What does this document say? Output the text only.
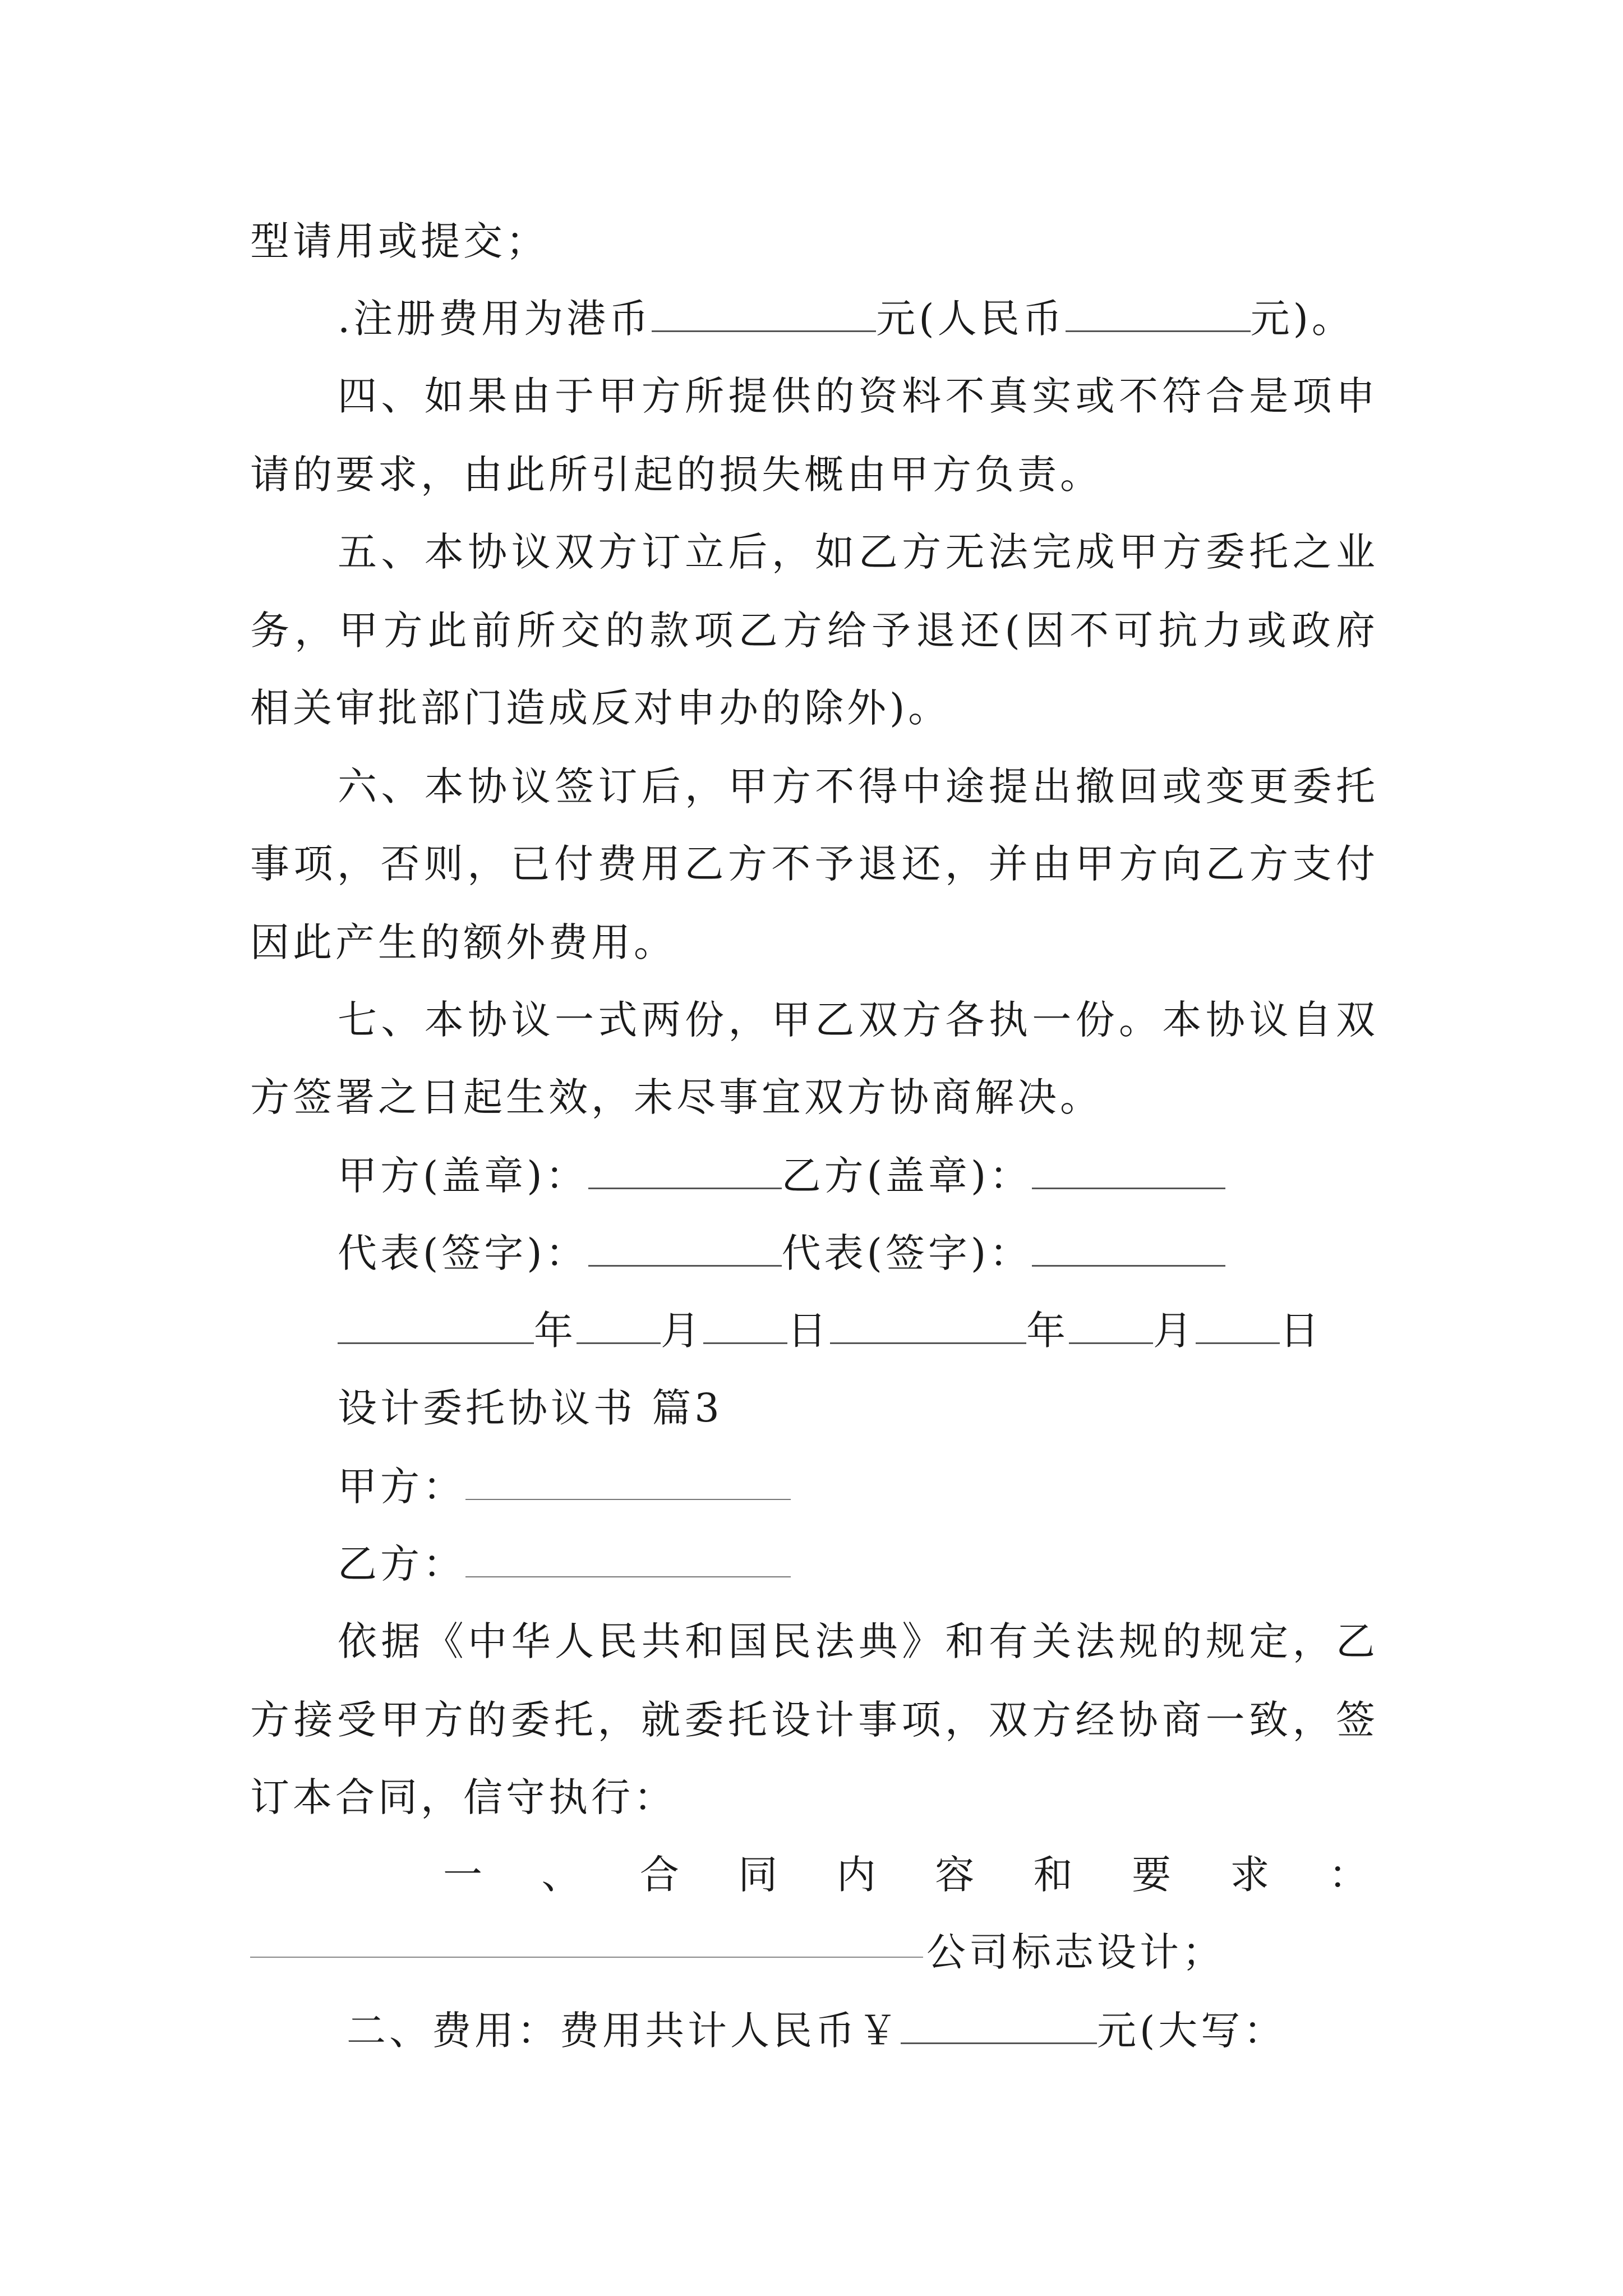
型请用或提交；
.注册费用为港币	元(人民币	元)。
四、如果由于甲方所提供的资料不真实或不符合是项申
请的要求，由此所引起的损失概由甲方负责。
五、本协议双方订立后，如乙方无法完成甲方委托之业
务，甲方此前所交的款项乙方给予退还(因不可抗力或政府
相关审批部门造成反对申办的除外)。
六、本协议签订后，甲方不得中途提出撤回或变更委托
事项，否则，已付费用乙方不予退还，并由甲方向乙方支付
因此产生的额外费用。
七、本协议一式两份，甲乙双方各执一份。本协议自双
方签署之日起生效，未尽事宜双方协商解决。
甲方(盖章)：	乙方(盖章)：
代表(签字)：	代表(签字)：
年 月 日	年 月 日
设计委托协议书 篇3
甲方：
乙方：
依据《中华人民共和国民法典》和有关法规的规定，乙
方接受甲方的委托，就委托设计事项，双方经协商一致，签
订本合同，信守执行：
一 、 合 同 内 容 和 要 求 ：
公司标志设计；
二、费用：费用共计人民币￥	元(大写：
